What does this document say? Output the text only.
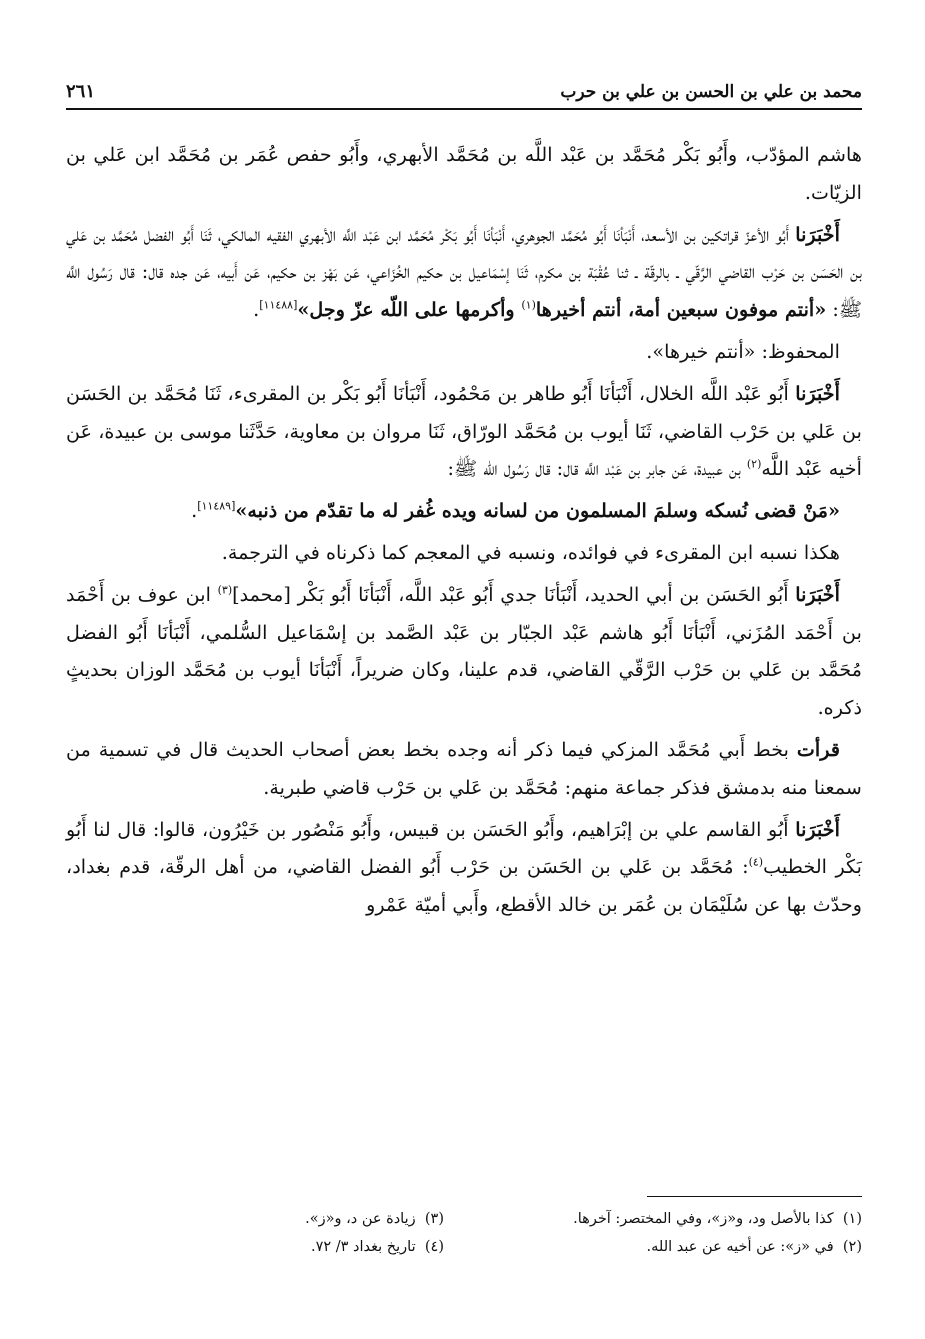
محمد بن علي بن الحسن بن علي بن حرب
٢٦١

هاشم المؤدّب، وأَبُو بَكْر مُحَمَّد بن عَبْد اللَّه بن مُحَمَّد الأبهري، وأَبُو حفص عُمَر بن مُحَمَّد ابن عَلي بن الزيّات.

أَخْبَرَنا أَبُو الأعزّ قراتكين بن الأسعد، أَنْبَأنَا أَبُو مُحَمَّد الجوهري، أَنْبَأنَا أَبُو بَكْر مُحَمَّد ابن عَبْد اللَّه الأبهري الفقيه المالكي، ثَنَا أَبُو الفضل مُحَمَّد بن عَلي بن الحَسَن بن حَرْب القاضي الرَّقّي ـ بالرقّة ـ ثنا عُقْبَة بن مكرم، ثَنَا إسْمَاعيل بن حكيم الخُزَاعي، عَن بَهْز بن حكيم، عَن أَبيه، عَن جده قال: قال رَسُول اللَّه ﷺ: «أنتم موفون سبعين أمة، أنتم أخيرها$^{(١)}$ وأكرمها على اللّه عزّ وجل»[١١٤٨٨].

المحفوظ: «أنتم خيرها».

أَخْبَرَنا أَبُو عَبْد اللَّه الخلال، أَنْبَأنَا أَبُو طاهر بن مَحْمُود، أَنْبَأنَا أَبُو بَكْر بن المقرىء، ثَنَا مُحَمَّد بن الحَسَن بن عَلي بن حَرْب القاضي، ثَنَا أيوب بن مُحَمَّد الورّاق، ثَنَا مروان بن معاوية، حَدَّثَنا موسى بن عبيدة، عَن أخيه عَبْد اللَّه$^{(٢)}$ بن عبيدة، عَن جابر بن عَبْد اللَّه قال: قال رَسُول اللّه ﷺ:

«مَنْ قضى نُسكه وسلمَ المسلمون من لسانه ويده غُفر له ما تقدّم من ذنبه»[١١٤٨٩].

هكذا نسبه ابن المقرىء في فوائده، ونسبه في المعجم كما ذكرناه في الترجمة.

أَخْبَرَنا أَبُو الحَسَن بن أبي الحديد، أَنْبَأنَا جدي أَبُو عَبْد اللَّه، أَنْبَأنَا أَبُو بَكْر [محمد]$^{(٣)}$ ابن عوف بن أَحْمَد بن أَحْمَد المُزَني، أَنْبَأنَا أَبُو هاشم عَبْد الجبّار بن عَبْد الصَّمد بن إسْمَاعيل السُّلمي، أَنْبَأنَا أَبُو الفضل مُحَمَّد بن عَلي بن حَرْب الرَّقّي القاضي، قدم علينا، وكان ضريراً، أَنْبَأنَا أيوب بن مُحَمَّد الوزان بحديثٍ ذكره.

قرأت بخط أَبي مُحَمَّد المزكي فيما ذكر أنه وجده بخط بعض أصحاب الحديث قال في تسمية من سمعنا منه بدمشق فذكر جماعة منهم: مُحَمَّد بن عَلي بن حَرْب قاضي طبرية.

أَخْبَرَنا أَبُو القاسم علي بن إبْرَاهيم، وأَبُو الحَسَن بن قبيس، وأَبُو مَنْصُور بن خَيْرُون، قالوا: قال لنا أَبُو بَكْر الخطيب$^{(٤)}$: مُحَمَّد بن عَلي بن الحَسَن بن حَرْب أَبُو الفضل القاضي، من أهل الرقّة، قدم بغداد، وحدّث بها عن سُلَيْمَان بن عُمَر بن خالد الأقطع، وأَبي أميّة عَمْرو

(١)  كذا بالأصل ود، و«ز»، وفي المختصر: آخرها.
(٣)  زيادة عن د، و«ز».
(٢)  في «ز»: عن أخيه عن عبد الله.
(٤)  تاريخ بغداد ٣/ ٧٢.
